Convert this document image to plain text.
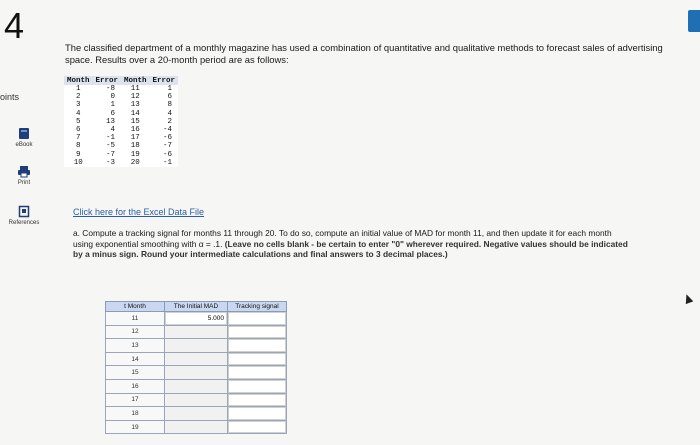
4
oints
eBook
Print
References
The classified department of a monthly magazine has used a combination of quantitative and qualitative methods to forecast sales of advertising space. Results over a 20-month period are as follows:
Month	Error	Month	Error
1	-8	11	1
2	0	12	6
3	1	13	8
4	6	14	4
5	13	15	2
6	4	16	-4
7	-1	17	-6
8	-5	18	-7
9	-7	19	-6
10	-3	20	-1
Click here for the Excel Data File
a. Compute a tracking signal for months 11 through 20. To do so, compute an initial value of MAD for month 11, and then update it for each month using exponential smoothing with α = .1. (Leave no cells blank - be certain to enter "0" wherever required. Negative values should be indicated by a minus sign. Round your intermediate calculations and final answers to 3 decimal places.)
t Month	The Initial MAD	Tracking signal
11	5.000	
12		
13		
14		
15		
16		
17		
18		
19		
